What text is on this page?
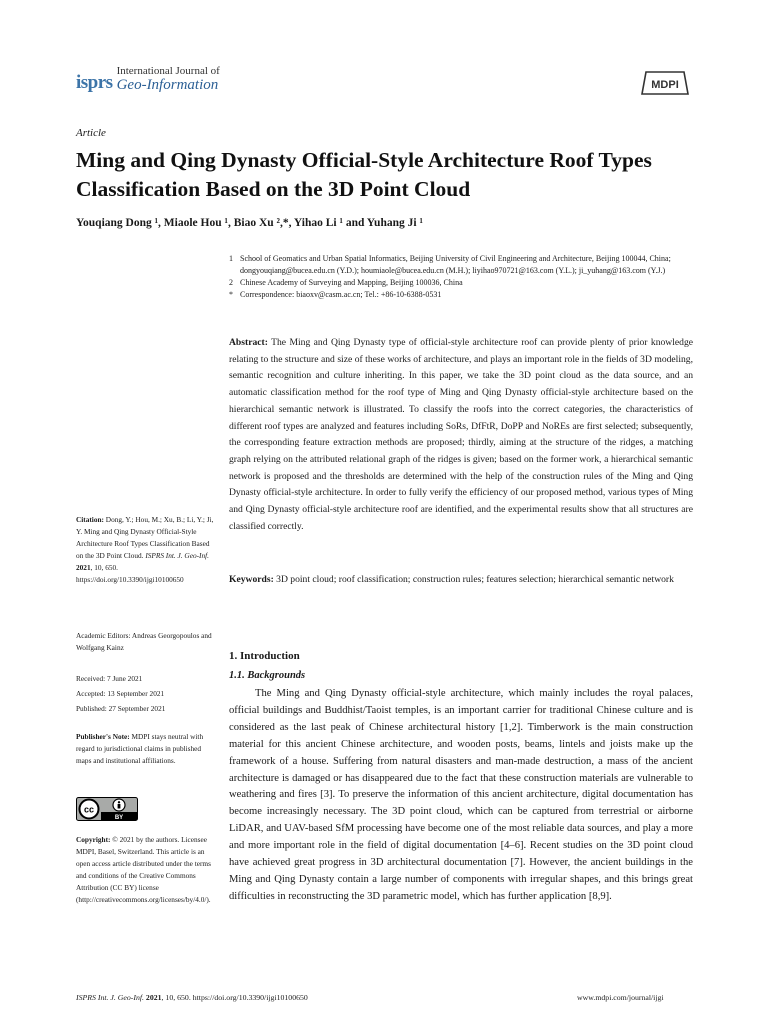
isprs
International Journal of
Geo-Information	MDPI
Article
Ming and Qing Dynasty Official-Style Architecture Roof Types Classification Based on the 3D Point Cloud
Youqiang Dong ¹, Miaole Hou ¹, Biao Xu ²,*, Yihao Li ¹ and Yuhang Ji ¹
1 School of Geomatics and Urban Spatial Informatics, Beijing University of Civil Engineering and Architecture, Beijing 100044, China; dongyouqiang@bucea.edu.cn (Y.D.); houmiaole@bucea.edu.cn (M.H.); liyihao970721@163.com (Y.L.); ji_yuhang@163.com (Y.J.)
2 Chinese Academy of Surveying and Mapping, Beijing 100036, China
* Correspondence: biaoxv@casm.ac.cn; Tel.: +86-10-6388-0531

Abstract: The Ming and Qing Dynasty type of official-style architecture roof can provide plenty of prior knowledge relating to the structure and size of these works of architecture, and plays an important role in the fields of 3D modeling, semantic recognition and culture inheriting. In this paper, we take the 3D point cloud as the data source, and an automatic classification method for the roof type of Ming and Qing Dynasty official-style architecture based on the hierarchical semantic network is illustrated. To classify the roofs into the correct categories, the characteristics of different roof types are analyzed and features including SoRs, DfFtR, DoPP and NoREs are first selected; subsequently, the corresponding feature extraction methods are proposed; thirdly, aiming at the structure of the ridges, a matching graph relying on the attributed relational graph of the ridges is given; based on the former work, a hierarchical semantic network is proposed and the thresholds are determined with the help of the construction rules of the Ming and Qing Dynasty official-style architecture. In order to fully verify the efficiency of our proposed method, various types of Ming and Qing Dynasty official-style architecture roof are identified, and the experimental results show that all structures are classified correctly.

Keywords: 3D point cloud; roof classification; construction rules; features selection; hierarchical semantic network

Citation: Dong, Y.; Hou, M.; Xu, B.; Li, Y.; Ji, Y. Ming and Qing Dynasty Official-Style Architecture Roof Types Classification Based on the 3D Point Cloud. ISPRS Int. J. Geo-Inf. 2021, 10, 650. https://doi.org/10.3390/ijgi10100650

Academic Editors: Andreas Georgopoulos and Wolfgang Kainz

Received: 7 June 2021

Accepted: 13 September 2021

Published: 27 September 2021

Publisher's Note: MDPI stays neutral with regard to jurisdictional claims in published maps and institutional affiliations.

cc
BY

Copyright: © 2021 by the authors. Licensee MDPI, Basel, Switzerland. This article is an open access article distributed under the terms and conditions of the Creative Commons Attribution (CC BY) license (http://creativecommons.org/licenses/by/4.0/).

1. Introduction
1.1. Backgrounds

The Ming and Qing Dynasty official-style architecture, which mainly includes the royal palaces, official buildings and Buddhist/Taoist temples, is an important carrier for traditional Chinese culture and is considered as the last peak of Chinese architectural history [1,2]. Timberwork is the main construction material for this ancient Chinese architecture, and wooden posts, beams, lintels and joists make up the framework of a house. Suffering from natural disasters and man-made destruction, a mass of the ancient architecture is damaged or has disappeared due to the fact that these construction materials are vulnerable to weathering and fires [3]. To preserve the information of this ancient architecture, digital documentation has become increasingly necessary. The 3D point cloud, which can be captured from terrestrial or airborne LiDAR, and UAV-based SfM processing have become one of the most reliable data sources, and play a more and more important role in the field of digital documentation [4–6]. Recent studies on the 3D point cloud have achieved great progress in 3D architectural documentation [7]. However, the ancient buildings in the Ming and Qing Dynasty contain a large number of components with irregular shapes, and this brings great difficulties in reconstructing the 3D parametric model, which has further application [8,9].

ISPRS Int. J. Geo-Inf. 2021, 10, 650. https://doi.org/10.3390/ijgi10100650	www.mdpi.com/journal/ijgi
